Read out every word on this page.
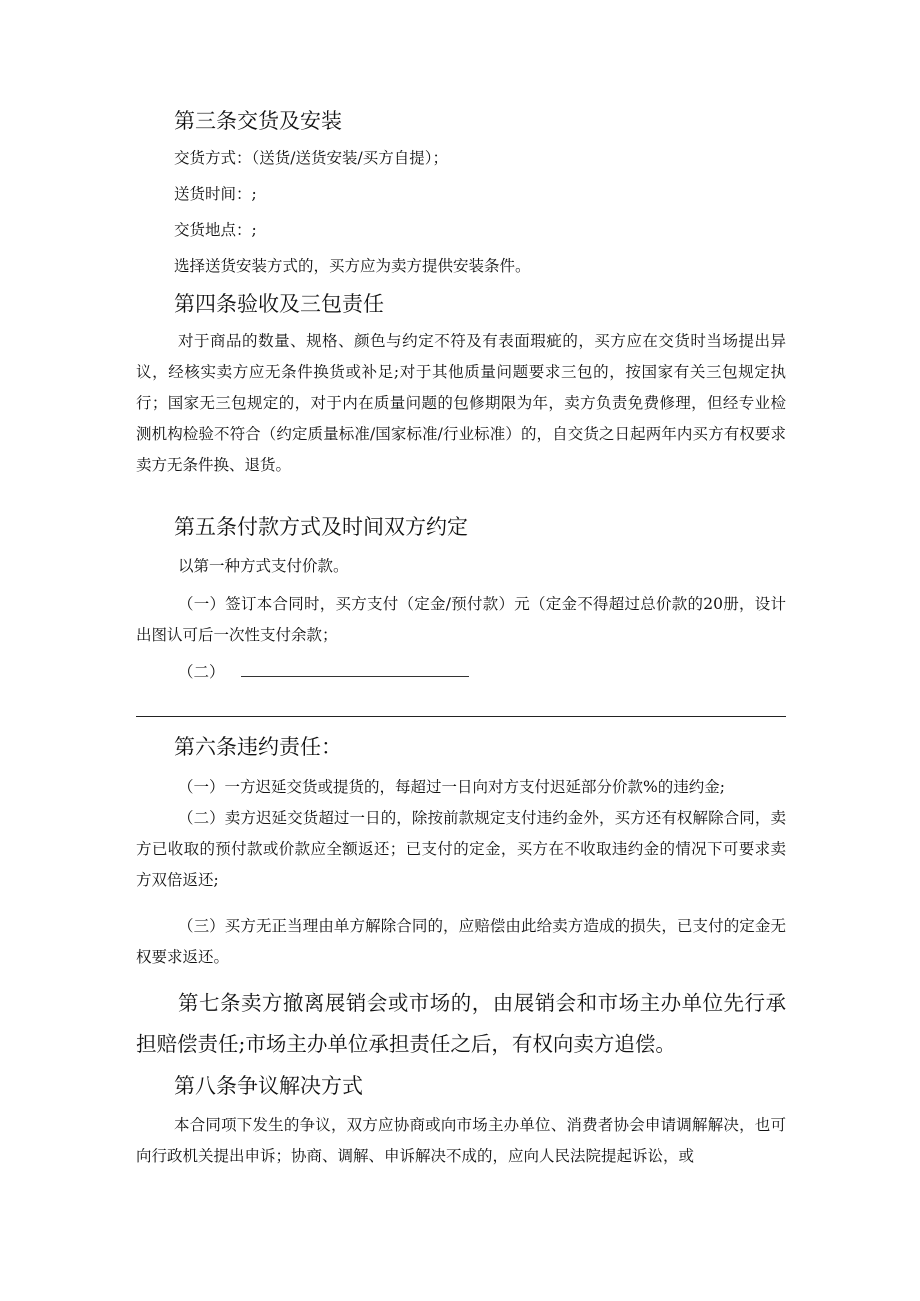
第三条交货及安装
交货方式：（送货/送货安装/买方自提）；
送货时间：;
交货地点：;
选择送货安装方式的，买方应为卖方提供安装条件。
第四条验收及三包责任

对于商品的数量、规格、颜色与约定不符及有表面瑕疵的，买方应在交货时当场提出异议，经核实卖方应无条件换货或补足;对于其他质量问题要求三包的，按国家有关三包规定执行；国家无三包规定的，对于内在质量问题的包修期限为年，卖方负责免费修理，但经专业检测机构检验不符合（约定质量标准/国家标准/行业标准）的，自交货之日起两年内买方有权要求卖方无条件换、退货。

第五条付款方式及时间双方约定
以第一种方式支付价款。

（一）签订本合同时，买方支付（定金/预付款）元（定金不得超过总价款的20册，设计出图认可后一次性支付余款；

（二）
第六条违约责任：

（一）一方迟延交货或提货的，每超过一日向对方支付迟延部分价款%的违约金;

（二）卖方迟延交货超过一日的，除按前款规定支付违约金外，买方还有权解除合同，卖方已收取的预付款或价款应全额返还；已支付的定金，买方在不收取违约金的情况下可要求卖方双倍返还;

（三）买方无正当理由单方解除合同的，应赔偿由此给卖方造成的损失，已支付的定金无权要求返还。

第七条卖方撤离展销会或市场的，由展销会和市场主办单位先行承担赔偿责任;市场主办单位承担责任之后，有权向卖方追偿。

第八条争议解决方式

本合同项下发生的争议，双方应协商或向市场主办单位、消费者协会申请调解解决，也可向行政机关提出申诉；协商、调解、申诉解决不成的，应向人民法院提起诉讼，或
